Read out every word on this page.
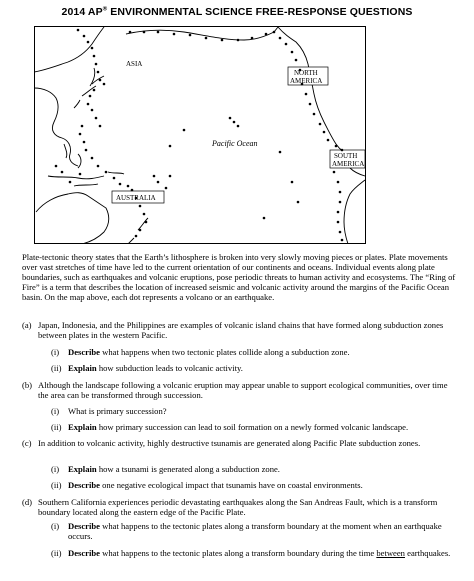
2014 AP® ENVIRONMENTAL SCIENCE FREE-RESPONSE QUESTIONS
ASIA
NORTH
AMERICA
Pacific Ocean
SOUTH
AMERICA
AUSTRALIA
Plate-tectonic theory states that the Earth’s lithosphere is broken into very slowly moving pieces or plates. Plate movements over vast stretches of time have led to the current orientation of our continents and oceans. Individual events along plate boundaries, such as earthquakes and volcanic eruptions, pose periodic threats to human activity and ecosystems. The “Ring of Fire” is a term that describes the location of increased seismic and volcanic activity around the margins of the Pacific Ocean basin. On the map above, each dot represents a volcano or an earthquake.
(a) Japan, Indonesia, and the Philippines are examples of volcanic island chains that have formed along subduction zones between plates in the western Pacific.
(i) Describe what happens when two tectonic plates collide along a subduction zone.
(ii) Explain how subduction leads to volcanic activity.
(b) Although the landscape following a volcanic eruption may appear unable to support ecological communities, over time the area can be transformed through succession.
(i) What is primary succession?
(ii) Explain how primary succession can lead to soil formation on a newly formed volcanic landscape.
(c) In addition to volcanic activity, highly destructive tsunamis are generated along Pacific Plate subduction zones.
(i) Explain how a tsunami is generated along a subduction zone.
(ii) Describe one negative ecological impact that tsunamis have on coastal environments.
(d) Southern California experiences periodic devastating earthquakes along the San Andreas Fault, which is a transform boundary located along the eastern edge of the Pacific Plate.
(i) Describe what happens to the tectonic plates along a transform boundary at the moment when an earthquake occurs.
(ii) Describe what happens to the tectonic plates along a transform boundary during the time between earthquakes.
